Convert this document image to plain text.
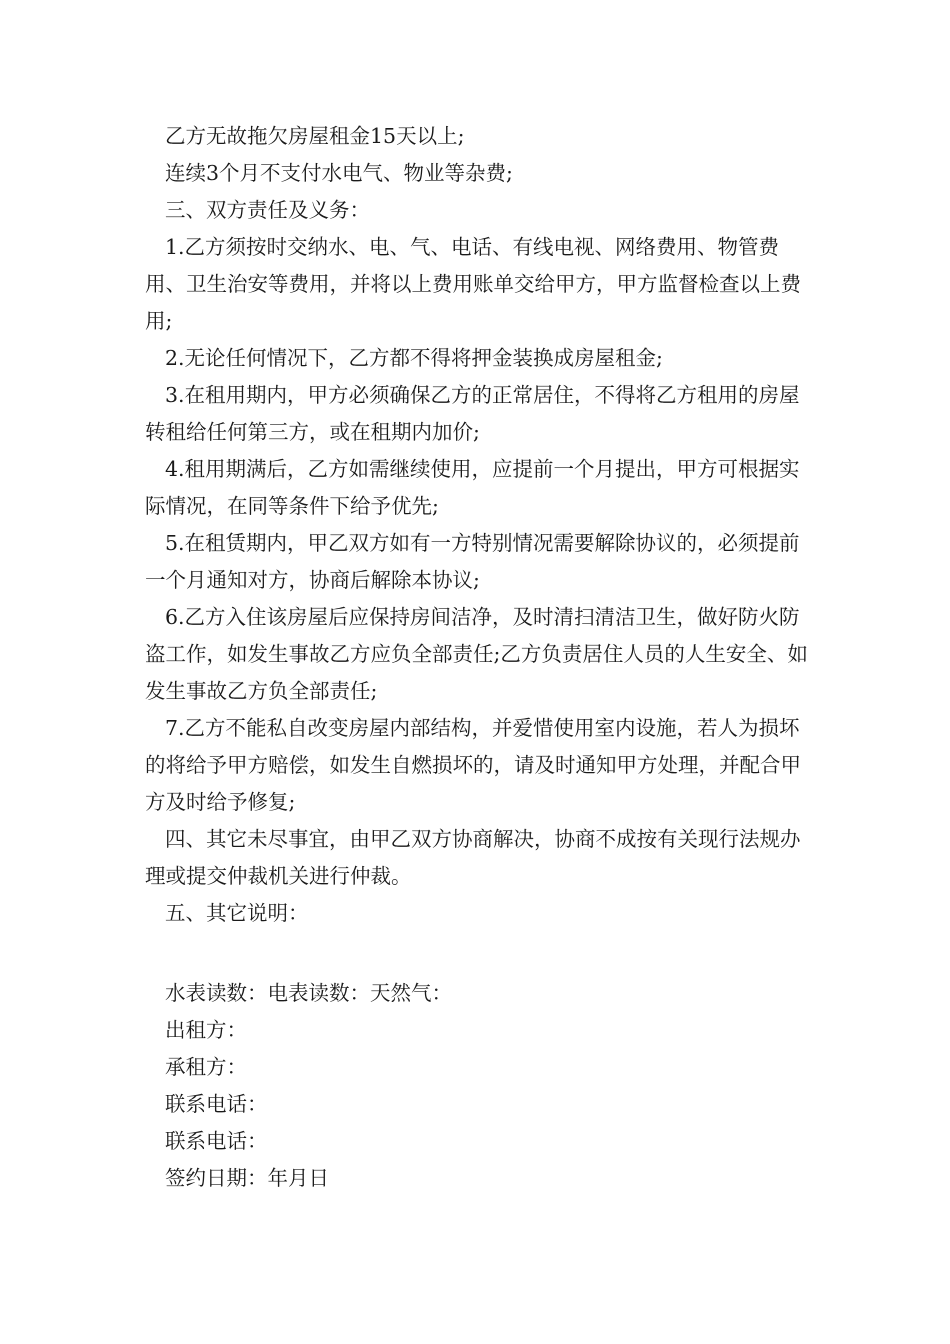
乙方无故拖欠房屋租金15天以上;

连续3个月不支付水电气、物业等杂费;

三、双方责任及义务：

1.乙方须按时交纳水、电、气、电话、有线电视、网络费用、物管费用、卫生治安等费用，并将以上费用账单交给甲方，甲方监督检查以上费用;

2.无论任何情况下，乙方都不得将押金装换成房屋租金;

3.在租用期内，甲方必须确保乙方的正常居住，不得将乙方租用的房屋转租给任何第三方，或在租期内加价;

4.租用期满后，乙方如需继续使用，应提前一个月提出，甲方可根据实际情况，在同等条件下给予优先;

5.在租赁期内，甲乙双方如有一方特别情况需要解除协议的，必须提前一个月通知对方，协商后解除本协议;

6.乙方入住该房屋后应保持房间洁净，及时清扫清洁卫生，做好防火防盗工作，如发生事故乙方应负全部责任;乙方负责居住人员的人生安全、如发生事故乙方负全部责任;

7.乙方不能私自改变房屋内部结构，并爱惜使用室内设施，若人为损坏的将给予甲方赔偿，如发生自燃损坏的，请及时通知甲方处理，并配合甲方及时给予修复;

四、其它未尽事宜，由甲乙双方协商解决，协商不成按有关现行法规办理或提交仲裁机关进行仲裁。

五、其它说明：

水表读数：电表读数：天然气：

出租方：

承租方：

联系电话：

联系电话：

签约日期：年月日
